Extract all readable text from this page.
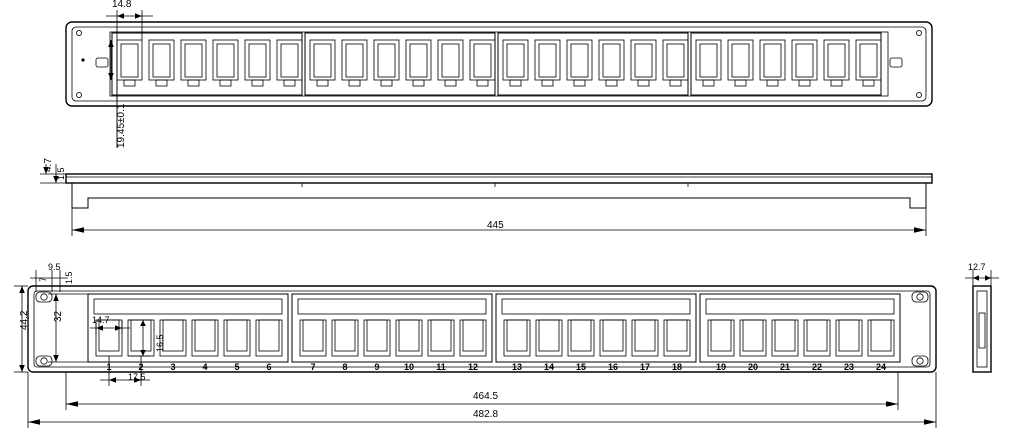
14.8
19.45±0.1
4.7
1.5
445
1	2	3	4	5	6	7	8	9	10 11 12	13 14 15 16 17 18	19 20 21 22 23 24
7
9.5
1.5
44.2 32	14.7
16.5
17.5
464.5
482.8
12.7
